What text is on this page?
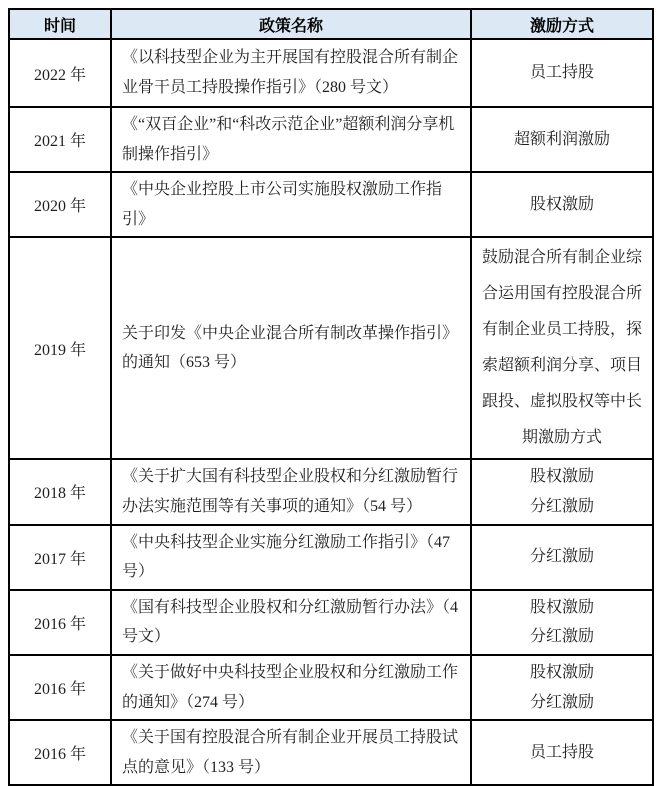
时间	政策名称	激励方式
2022 年	《以科技型企业为主开展国有控股混合所有制企业骨干员工持股操作指引》（280 号文）	员工持股

2021 年	《“双百企业”和“科改示范企业”超额利润分享机制操作指引》	超额利润激励

2020 年	《中央企业控股上市公司实施股权激励工作指引》	股权激励

2019 年	关于印发《中央企业混合所有制改革操作指引》的通知（653 号）	鼓励混合所有制企业综合运用国有控股混合所有制企业员工持股，探索超额利润分享、项目跟投、虚拟股权等中长期激励方式

2018 年	《关于扩大国有科技型企业股权和分红激励暂行办法实施范围等有关事项的通知》（54 号）	股权激励
分红激励

2017 年	《中央科技型企业实施分红激励工作指引》（47 号）	分红激励

2016 年	《国有科技型企业股权和分红激励暂行办法》（4 号文）	股权激励
分红激励

2016 年	《关于做好中央科技型企业股权和分红激励工作的通知》（274 号）	股权激励
分红激励

2016 年	《关于国有控股混合所有制企业开展员工持股试点的意见》（133 号）	员工持股
